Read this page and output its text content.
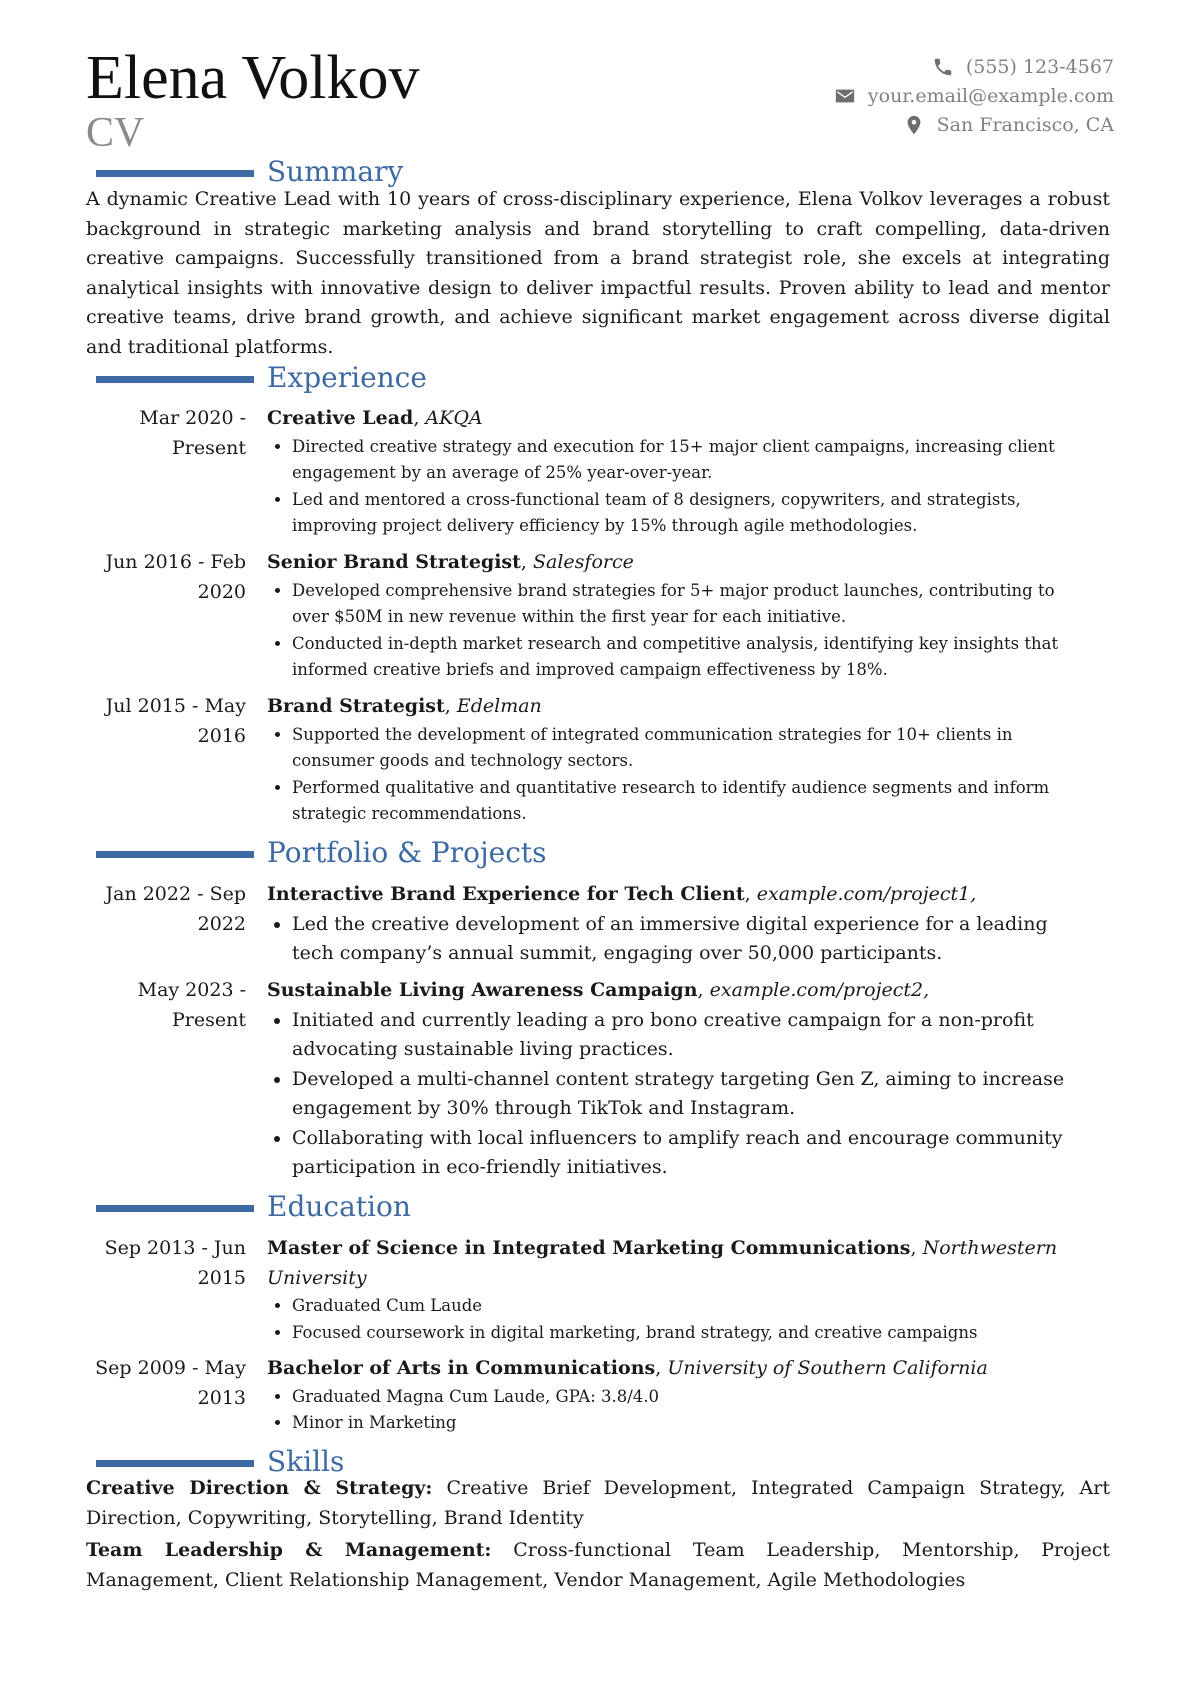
Elena Volkov
CV
(555) 123-4567
your.email@example.com
San Francisco, CA
Summary
A dynamic Creative Lead with 10 years of cross-disciplinary experience, Elena Volkov leverages a robust background in strategic marketing analysis and brand storytelling to craft compelling, data-driven creative campaigns. Successfully transitioned from a brand strategist role, she excels at integrating analytical insights with innovative design to deliver impactful results. Proven ability to lead and mentor creative teams, drive brand growth, and achieve significant market engagement across diverse digital and traditional platforms.
Experience
Mar 2020 - Present
Creative Lead, AKQA
• Directed creative strategy and execution for 15+ major client campaigns, increasing client engagement by an average of 25% year-over-year.
• Led and mentored a cross-functional team of 8 designers, copywriters, and strategists, improving project delivery efficiency by 15% through agile methodologies.
Jun 2016 - Feb 2020
Senior Brand Strategist, Salesforce
• Developed comprehensive brand strategies for 5+ major product launches, contributing to over $50M in new revenue within the first year for each initiative.
• Conducted in-depth market research and competitive analysis, identifying key insights that informed creative briefs and improved campaign effectiveness by 18%.
Jul 2015 - May 2016
Brand Strategist, Edelman
• Supported the development of integrated communication strategies for 10+ clients in consumer goods and technology sectors.
• Performed qualitative and quantitative research to identify audience segments and inform strategic recommendations.
Portfolio & Projects
Jan 2022 - Sep 2022
Interactive Brand Experience for Tech Client, example.com/project1,
• Led the creative development of an immersive digital experience for a leading tech company’s annual summit, engaging over 50,000 participants.
May 2023 - Present
Sustainable Living Awareness Campaign, example.com/project2,
• Initiated and currently leading a pro bono creative campaign for a non-profit advocating sustainable living practices.
• Developed a multi-channel content strategy targeting Gen Z, aiming to increase engagement by 30% through TikTok and Instagram.
• Collaborating with local influencers to amplify reach and encourage community participation in eco-friendly initiatives.
Education
Sep 2013 - Jun 2015
Master of Science in Integrated Marketing Communications, Northwestern University
• Graduated Cum Laude
• Focused coursework in digital marketing, brand strategy, and creative campaigns
Sep 2009 - May 2013
Bachelor of Arts in Communications, University of Southern California
• Graduated Magna Cum Laude, GPA: 3.8/4.0
• Minor in Marketing
Skills
Creative Direction & Strategy: Creative Brief Development, Integrated Campaign Strategy, Art Direction, Copywriting, Storytelling, Brand Identity
Team Leadership & Management: Cross-functional Team Leadership, Mentorship, Project Management, Client Relationship Management, Vendor Management, Agile Methodologies
